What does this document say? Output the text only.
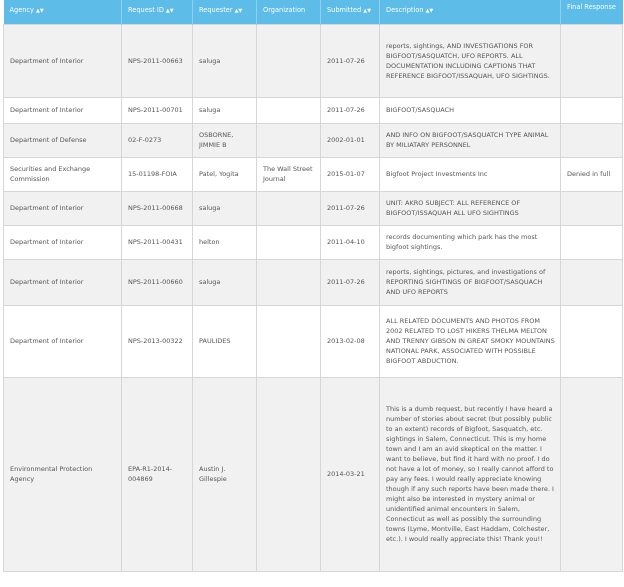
Agency ▲▼	Request ID ▲▼	Requester ▲▼	Organization	Submitted ▲▼	Description ▲▼	Final Response
Department of Interior	NPS-2011-00663	saluga		2011-07-26	reports, sightings, AND INVESTIGATIONS FOR BIGFOOT/SASQUATCH, UFO REPORTS. ALL DOCUMENTATION INCLUDING CAPTIONS THAT REFERENCE BIGFOOT/ISSAQUAH, UFO SIGHTINGS.	
Department of Interior	NPS-2011-00701	saluga		2011-07-26	BIGFOOT/SASQUACH	
Department of Defense	02-F-0273	OSBORNE, JIMMIE B		2002-01-01	AND INFO ON BIGFOOT/SASQUATCH TYPE ANIMAL BY MILIATARY PERSONNEL	
Securities and Exchange Commission	15-01198-FOIA	Patel, Yogita	The Wall Street Journal	2015-01-07	Bigfoot Project Investments Inc	Denied in full
Department of Interior	NPS-2011-00668	saluga		2011-07-26	UNIT: AKRO SUBJECT: ALL REFERENCE OF BIGFOOT/ISSAQUAH ALL UFO SIGHTINGS	
Department of Interior	NPS-2011-00431	helton		2011-04-10	records documenting which park has the most bigfoot sightings.	
Department of Interior	NPS-2011-00660	saluga		2011-07-26	reports, sightings, pictures, and investigations of REPORTING SIGHTINGS OF BIGFOOT/SASQUACH AND UFO REPORTS	
Department of Interior	NPS-2013-00322	PAULIDES		2013-02-08	ALL RELATED DOCUMENTS AND PHOTOS FROM 2002 RELATED TO LOST HIKERS THELMA MELTON AND TRENNY GIBSON IN GREAT SMOKY MOUNTAINS NATIONAL PARK, ASSOCIATED WITH POSSIBLE BIGFOOT ABDUCTION.	
Environmental Protection Agency	EPA-R1-2014-004869	Austin J. Gillespie		2014-03-21	This is a dumb request, but recently I have heard a number of stories about secret (but possibly public to an extent) records of Bigfoot, Sasquatch, etc. sightings in Salem, Connecticut. This is my home town and I am an avid skeptical on the matter. I want to believe, but find it hard with no proof. I do not have a lot of money, so I really cannot afford to pay any fees. I would really appreciate knowing though if any such reports have been made there. I might also be interested in mystery animal or unidentified animal encounters in Salem, Connecticut as well as possibly the surrounding towns (Lyme, Montville, East Haddam, Colchester, etc.). I would really appreciate this! Thank you!!	
